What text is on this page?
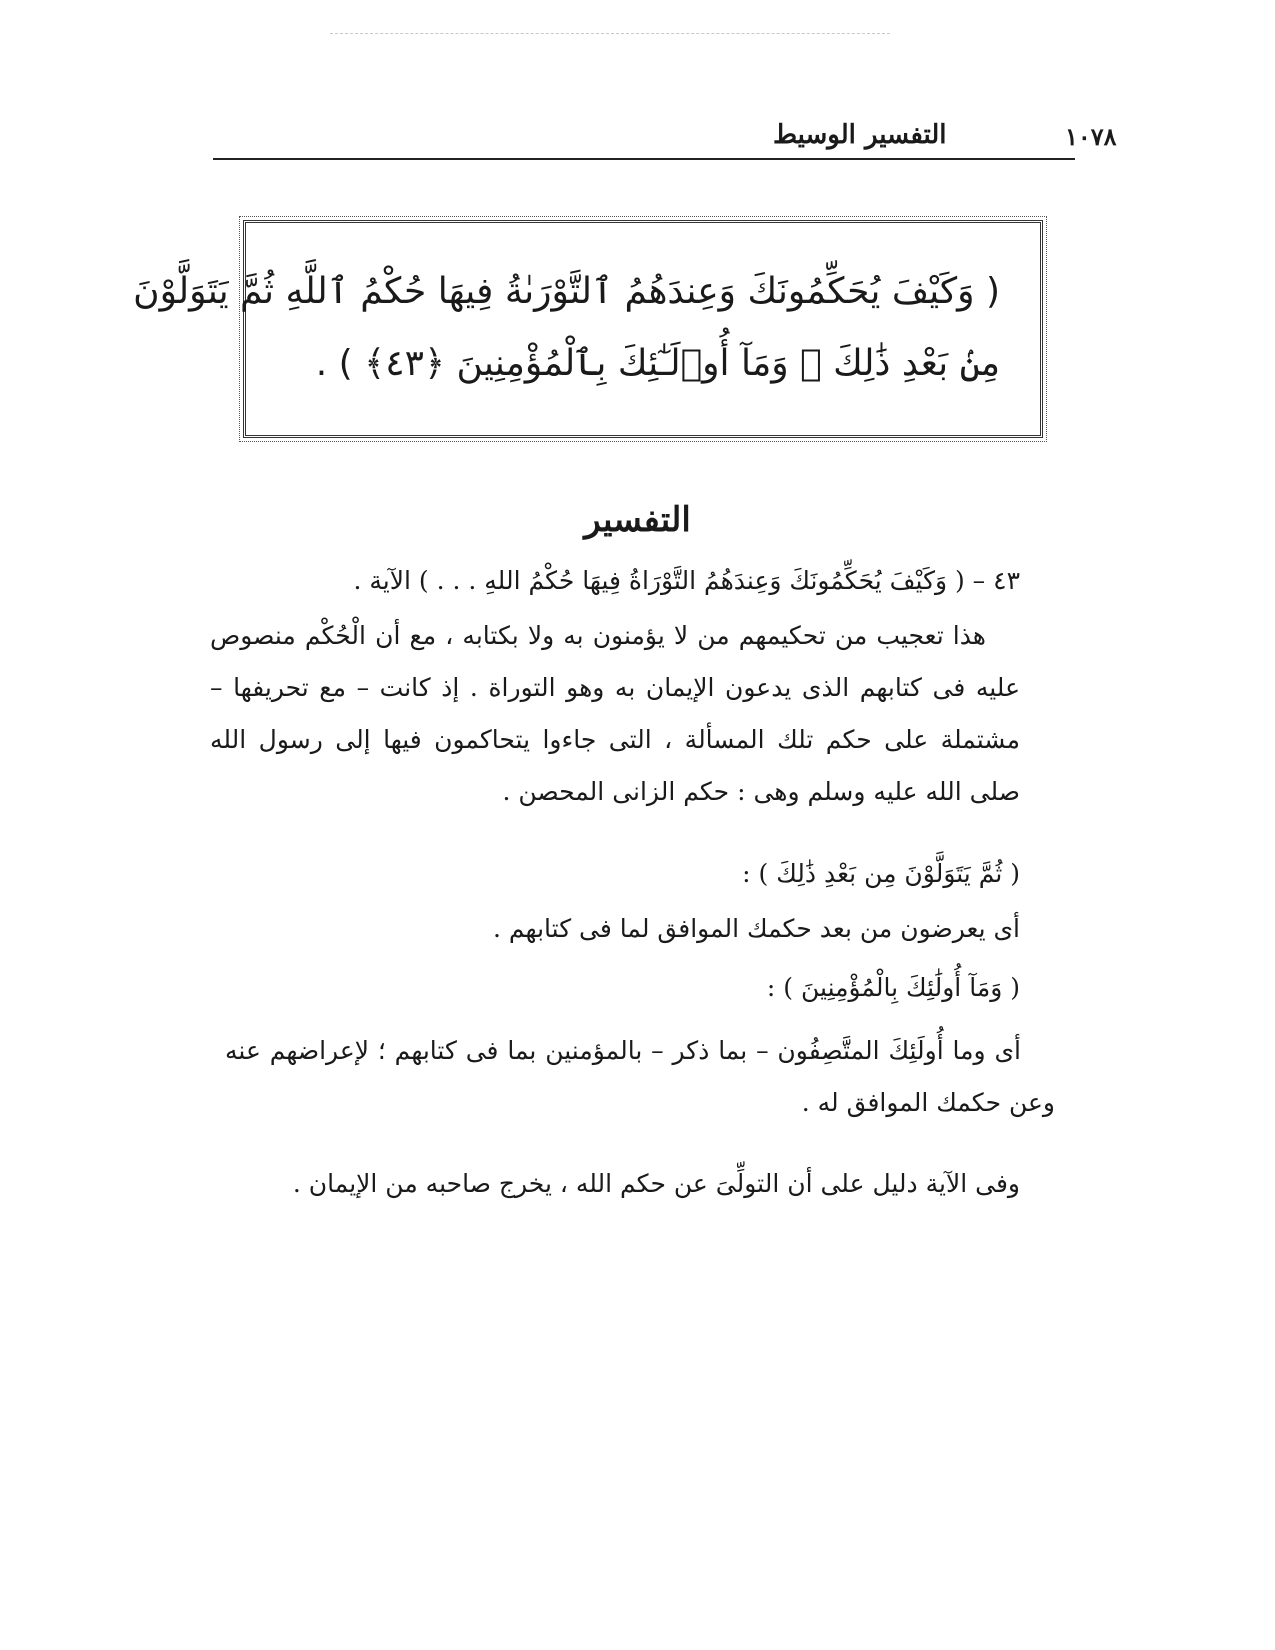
التفسير الوسيط	١٠٧٨
( وَكَيْفَ يُحَكِّمُونَكَ وَعِندَهُمُ ٱلتَّوْرَىٰةُ فِيهَا حُكْمُ ٱللَّهِ ثُمَّ يَتَوَلَّوْنَ
مِنۢ بَعْدِ ذَٰلِكَ ۚ وَمَآ أُو۟لَـٰٓئِكَ بِٱلْمُؤْمِنِينَ ﴿٤٣﴾ ) .
التفسير
٤٣ – ( وَكَيْفَ يُحَكِّمُونَكَ وَعِندَهُمُ التَّوْرَاةُ فِيهَا حُكْمُ اللهِ . . . ) الآية .
هذا تعجيب من تحكيمهم من لا يؤمنون به ولا بكتابه ، مع أن الْحُكْم منصوص عليه فى كتابهم الذى يدعون الإيمان به وهو التوراة . إذ كانت – مع تحريفها – مشتملة على حكم تلك المسألة ، التى جاءوا يتحاكمون فيها إلى رسول الله صلى الله عليه وسلم وهى : حكم الزانى المحصن .
( ثُمَّ يَتَوَلَّوْنَ مِن بَعْدِ ذَٰلِكَ ) :
أى يعرضون من بعد حكمك الموافق لما فى كتابهم .
( وَمَآ أُولَٰئِكَ بِالْمُؤْمِنِينَ ) :
أى وما أُولَئِكَ المتَّصِفُون – بما ذكر – بالمؤمنين بما فى كتابهم ؛ لإعراضهم عنه وعن حكمك الموافق له .
وفى الآية دليل على أن التولِّىَ عن حكم الله ، يخرج صاحبه من الإيمان .
